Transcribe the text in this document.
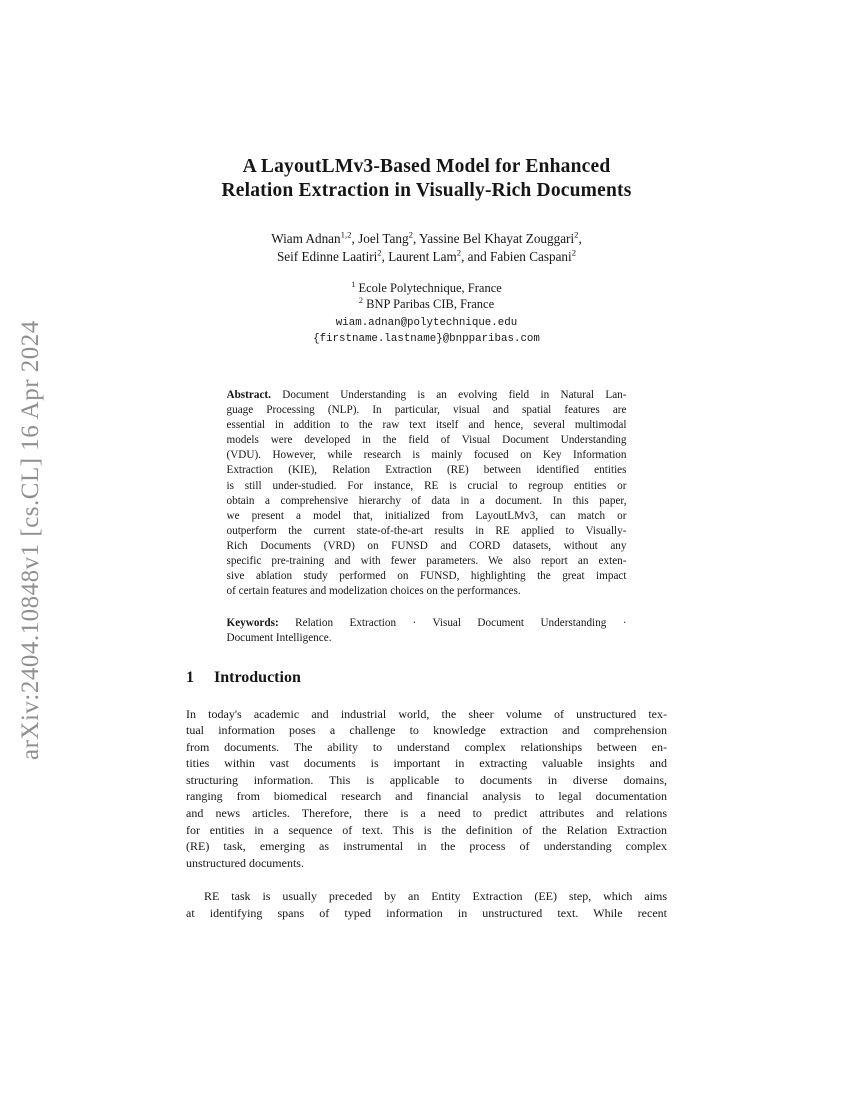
arXiv:2404.10848v1 [cs.CL] 16 Apr 2024
A LayoutLMv3-Based Model for Enhanced
Relation Extraction in Visually-Rich Documents
Wiam Adnan$^{1,2}$, Joel Tang$^2$, Yassine Bel Khayat Zouggari$^2$,
Seif Edinne Laatiri$^2$, Laurent Lam$^2$, and Fabien Caspani$^2$
$^1$ Ecole Polytechnique, France
$^2$ BNP Paribas CIB, France
wiam.adnan@polytechnique.edu
{firstname.lastname}@bnpparibas.com
Abstract. Document Understanding is an evolving field in Natural Lan-
guage Processing (NLP). In particular, visual and spatial features are
essential in addition to the raw text itself and hence, several multimodal
models were developed in the field of Visual Document Understanding
(VDU). However, while research is mainly focused on Key Information
Extraction (KIE), Relation Extraction (RE) between identified entities
is still under-studied. For instance, RE is crucial to regroup entities or
obtain a comprehensive hierarchy of data in a document. In this paper,
we present a model that, initialized from LayoutLMv3, can match or
outperform the current state-of-the-art results in RE applied to Visually-
Rich Documents (VRD) on FUNSD and CORD datasets, without any
specific pre-training and with fewer parameters. We also report an exten-
sive ablation study performed on FUNSD, highlighting the great impact
of certain features and modelization choices on the performances.
Keywords: Relation Extraction · Visual Document Understanding ·
Document Intelligence.
1 Introduction
In today's academic and industrial world, the sheer volume of unstructured tex-
tual information poses a challenge to knowledge extraction and comprehension
from documents. The ability to understand complex relationships between en-
tities within vast documents is important in extracting valuable insights and
structuring information. This is applicable to documents in diverse domains,
ranging from biomedical research and financial analysis to legal documentation
and news articles. Therefore, there is a need to predict attributes and relations
for entities in a sequence of text. This is the definition of the Relation Extraction
(RE) task, emerging as instrumental in the process of understanding complex
unstructured documents.
RE task is usually preceded by an Entity Extraction (EE) step, which aims
at identifying spans of typed information in unstructured text. While recent
